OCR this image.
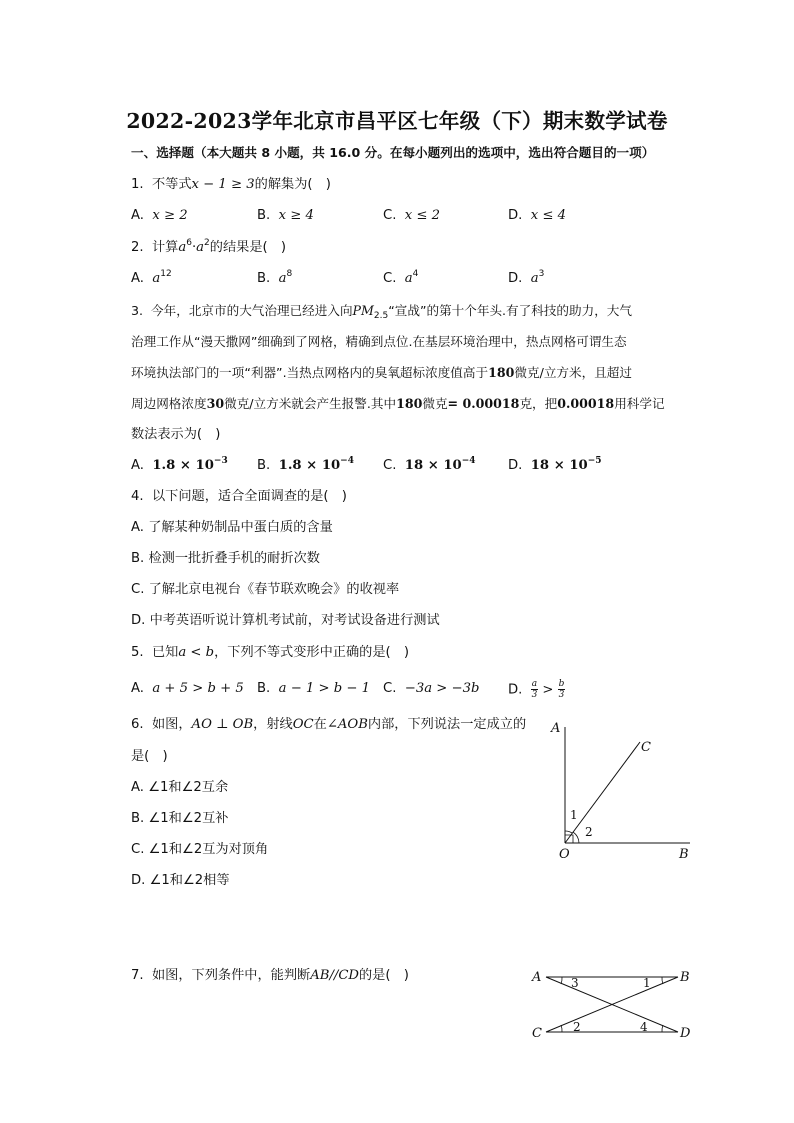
2022-2023学年北京市昌平区七年级（下）期末数学试卷
一、选择题（本大题共 8 小题，共 16.0 分。在每小题列出的选项中，选出符合题目的一项）
1. 不等式x − 1 ≥ 3的解集为(　)
A. x ≥ 2	B. x ≥ 4	C. x ≤ 2	D. x ≤ 4
2. 计算$a^6\cdot a^2$的结果是(　)
A. $a^{12}$	B. $a^8$	C. $a^4$	D. $a^3$
3. 今年，北京市的大气治理已经进入向$PM_{2.5}“$宣战”的第十个年头.有了科技的助力，大气
治理工作从“漫天撒网”细确到了网格，精确到点位.在基层环境治理中，热点网格可谓生态
环境执法部门的一项“利器”.当热点网格内的臭氧超标浓度值高于180微克/立方米，且超过
周边网格浓度30微克/立方米就会产生报警.其中180微克= 0.00018克，把0.00018用科学记
数法表示为(　)
A. $1.8 \times 10^{-3}$ B. $1.8 \times 10^{-4}$ C. $18 \times 10^{-4}$ D. $18 \times 10^{-5}$
4. 以下问题，适合全面调查的是(　)
A. 了解某种奶制品中蛋白质的含量
B. 检测一批折叠手机的耐折次数
C. 了解北京电视台《春节联欢晚会》的收视率
D. 中考英语听说计算机考试前，对考试设备进行测试
5. 已知a < b，下列不等式变形中正确的是(　)
A. a + 5 > b + 5 B. a − 1 > b − 1 C. −3a > −3b D. $\frac{a}{3} > \frac{b}{3}$
6. 如图，AO ⊥ OB，射线OC在∠AOB内部，下列说法一定成立的
是(　)
A. ∠1和∠2互余
B. ∠1和∠2互补
C. ∠1和∠2互为对顶角
D. ∠1和∠2相等
A
C
O	B
1
2
7. 如图，下列条件中，能判断AB//CD的是(　)	A	B
C	D
3	1
2	4
